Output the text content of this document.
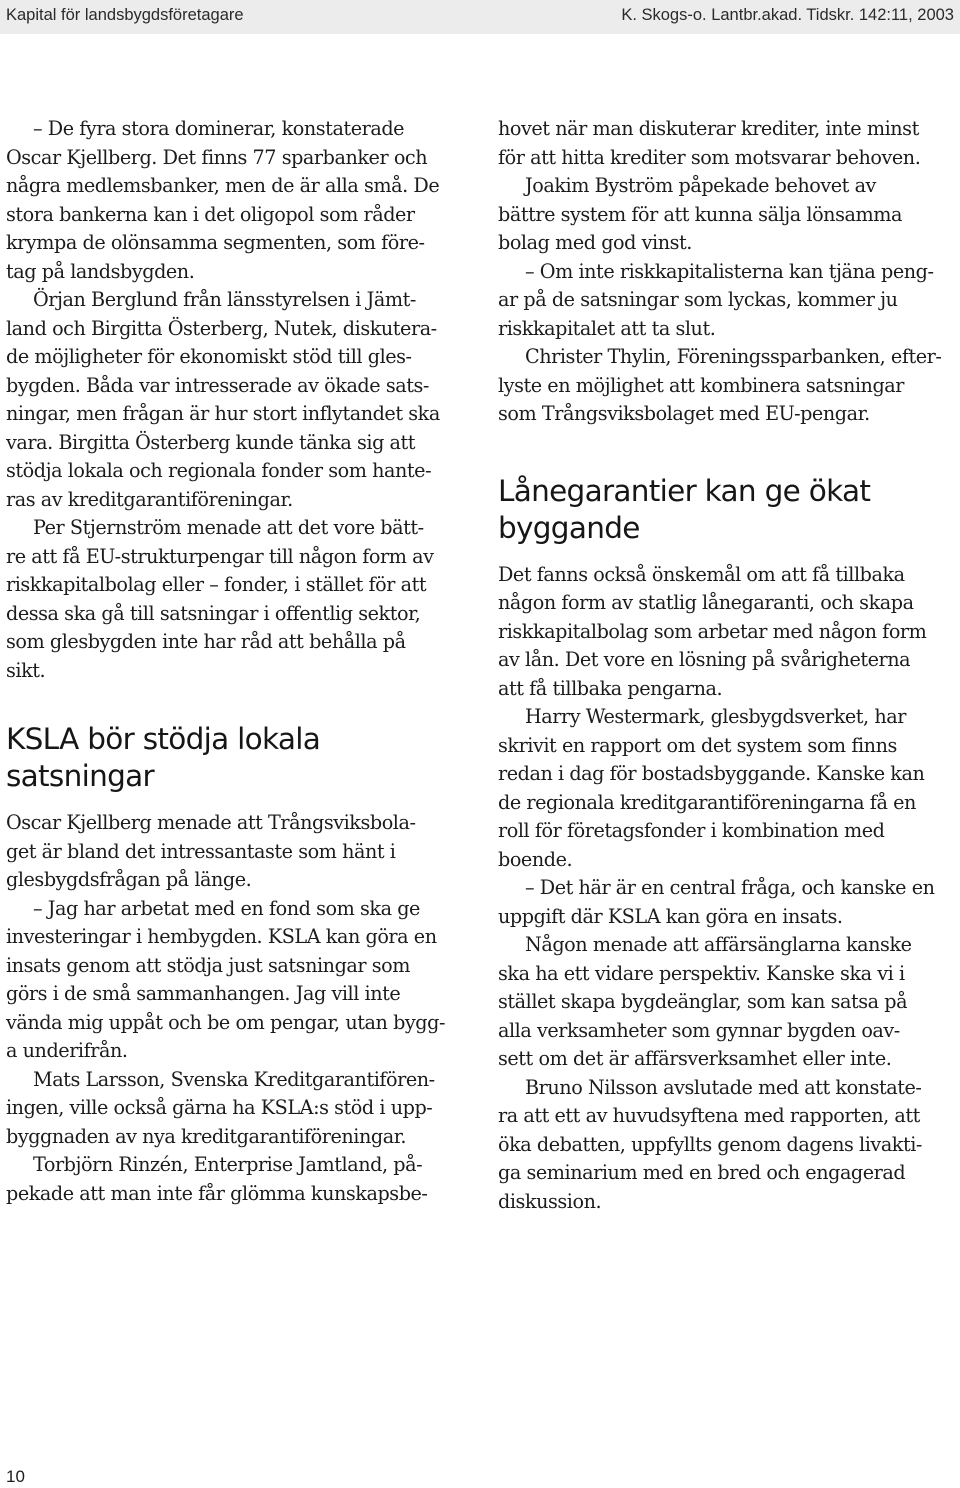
Kapital för landsbygdsföretagare	K. Skogs-o. Lantbr.akad. Tidskr. 142:11, 2003
– De fyra stora dominerar, konstaterade
Oscar Kjellberg. Det finns 77 sparbanker och
några medlemsbanker, men de är alla små. De
stora bankerna kan i det oligopol som råder
krympa de olönsamma segmenten, som före-
tag på landsbygden.
Örjan Berglund från länsstyrelsen i Jämt-
land och Birgitta Österberg, Nutek, diskutera-
de möjligheter för ekonomiskt stöd till gles-
bygden. Båda var intresserade av ökade sats-
ningar, men frågan är hur stort inflytandet ska
vara. Birgitta Österberg kunde tänka sig att
stödja lokala och regionala fonder som hante-
ras av kreditgarantiföreningar.
Per Stjernström menade att det vore bätt-
re att få EU-strukturpengar till någon form av
riskkapitalbolag eller – fonder, i stället för att
dessa ska gå till satsningar i offentlig sektor,
som glesbygden inte har råd att behålla på
sikt.
KSLA bör stödja lokala
satsningar
Oscar Kjellberg menade att Trångsviksbola-
get är bland det intressantaste som hänt i
glesbygdsfrågan på länge.
– Jag har arbetat med en fond som ska ge
investeringar i hembygden. KSLA kan göra en
insats genom att stödja just satsningar som
görs i de små sammanhangen. Jag vill inte
vända mig uppåt och be om pengar, utan bygg-
a underifrån.
Mats Larsson, Svenska Kreditgarantifören-
ingen, ville också gärna ha KSLA:s stöd i upp-
byggnaden av nya kreditgarantiföreningar.
Torbjörn Rinzén, Enterprise Jamtland, på-
pekade att man inte får glömma kunskapsbe-
hovet när man diskuterar krediter, inte minst
för att hitta krediter som motsvarar behoven.
Joakim Byström påpekade behovet av
bättre system för att kunna sälja lönsamma
bolag med god vinst.
– Om inte riskkapitalisterna kan tjäna peng-
ar på de satsningar som lyckas, kommer ju
riskkapitalet att ta slut.
Christer Thylin, Föreningssparbanken, efter-
lyste en möjlighet att kombinera satsningar
som Trångsviksbolaget med EU-pengar.
Lånegarantier kan ge ökat
byggande
Det fanns också önskemål om att få tillbaka
någon form av statlig lånegaranti, och skapa
riskkapitalbolag som arbetar med någon form
av lån. Det vore en lösning på svårigheterna
att få tillbaka pengarna.
Harry Westermark, glesbygdsverket, har
skrivit en rapport om det system som finns
redan i dag för bostadsbyggande. Kanske kan
de regionala kreditgarantiföreningarna få en
roll för företagsfonder i kombination med
boende.
– Det här är en central fråga, och kanske en
uppgift där KSLA kan göra en insats.
Någon menade att affärsänglarna kanske
ska ha ett vidare perspektiv. Kanske ska vi i
stället skapa bygdeänglar, som kan satsa på
alla verksamheter som gynnar bygden oav-
sett om det är affärsverksamhet eller inte.
Bruno Nilsson avslutade med att konstate-
ra att ett av huvudsyftena med rapporten, att
öka debatten, uppfyllts genom dagens livakti-
ga seminarium med en bred och engagerad
diskussion.
10
